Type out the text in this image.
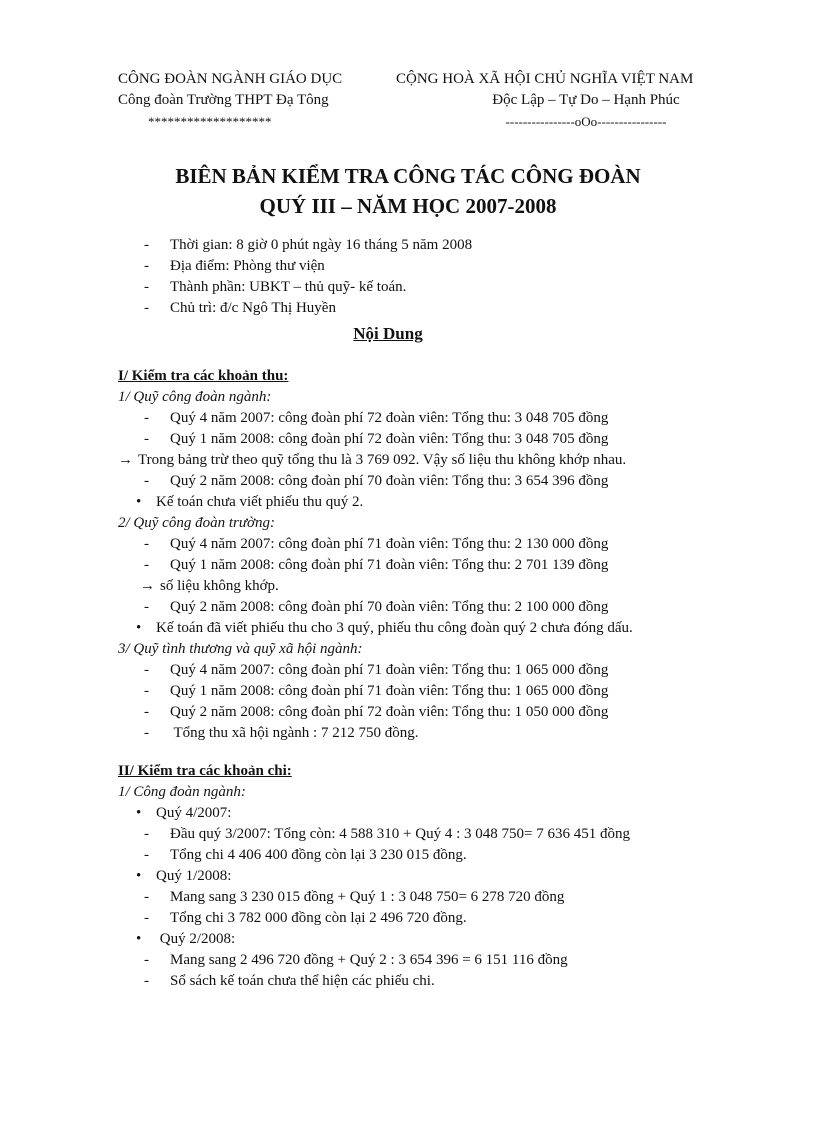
CÔNG ĐOÀN NGÀNH GIÁO DỤC
Công đoàn Trường THPT Đạ Tông
*******************
CỘNG HOÀ XÃ HỘI CHỦ NGHĨA VIỆT NAM
Độc Lập – Tự Do – Hạnh Phúc
----------------oOo----------------
BIÊN BẢN KIỂM TRA CÔNG TÁC CÔNG ĐOÀN
QUÝ III – NĂM HỌC 2007-2008
- Thời gian: 8 giờ 0 phút ngày 16 tháng 5 năm 2008
- Địa điểm: Phòng thư viện
- Thành phần: UBKT – thủ quỹ- kế toán.
- Chủ trì: đ/c Ngô Thị Huyền
Nội Dung
I/ Kiểm tra các khoản thu:
1/ Quỹ công đoàn ngành:
- Quý 4 năm 2007: công đoàn phí 72 đoàn viên: Tổng thu: 3 048 705 đồng
- Quý 1 năm 2008: công đoàn phí 72 đoàn viên: Tổng thu: 3 048 705 đồng
→ Trong bảng trừ theo quỹ tổng thu là 3 769 092. Vậy số liệu thu không khớp nhau.
- Quý 2 năm 2008: công đoàn phí 70 đoàn viên: Tổng thu: 3 654 396 đồng
• Kế toán chưa viết phiếu thu quý 2.
2/ Quỹ công đoàn trường:
- Quý 4 năm 2007: công đoàn phí 71 đoàn viên: Tổng thu: 2 130 000 đồng
- Quý 1 năm 2008: công đoàn phí 71 đoàn viên: Tổng thu: 2 701 139 đồng
→ số liệu không khớp.
- Quý 2 năm 2008: công đoàn phí 70 đoàn viên: Tổng thu: 2 100 000 đồng
• Kế toán đã viết phiếu thu cho 3 quý, phiếu thu công đoàn quý 2 chưa đóng dấu.
3/ Quỹ tình thương và quỹ xã hội ngành:
- Quý 4 năm 2007: công đoàn phí 71 đoàn viên: Tổng thu: 1 065 000 đồng
- Quý 1 năm 2008: công đoàn phí 71 đoàn viên: Tổng thu: 1 065 000 đồng
- Quý 2 năm 2008: công đoàn phí 72 đoàn viên: Tổng thu: 1 050 000 đồng
- Tổng thu xã hội ngành : 7 212 750 đồng.
II/ Kiểm tra các khoản chi:
1/ Công đoàn ngành:
• Quý 4/2007:
- Đầu quý 3/2007: Tổng còn: 4 588 310 + Quý 4 : 3 048 750= 7 636 451 đồng
- Tổng chi 4 406 400 đồng còn lại 3 230 015 đồng.
• Quý 1/2008:
- Mang sang 3 230 015 đồng + Quý 1 : 3 048 750= 6 278 720 đồng
- Tổng chi 3 782 000 đồng còn lại 2 496 720 đồng.
• Quý 2/2008:
- Mang sang 2 496 720 đồng + Quý 2 : 3 654 396 = 6 151 116 đồng
- Sổ sách kế toán chưa thể hiện các phiếu chi.
